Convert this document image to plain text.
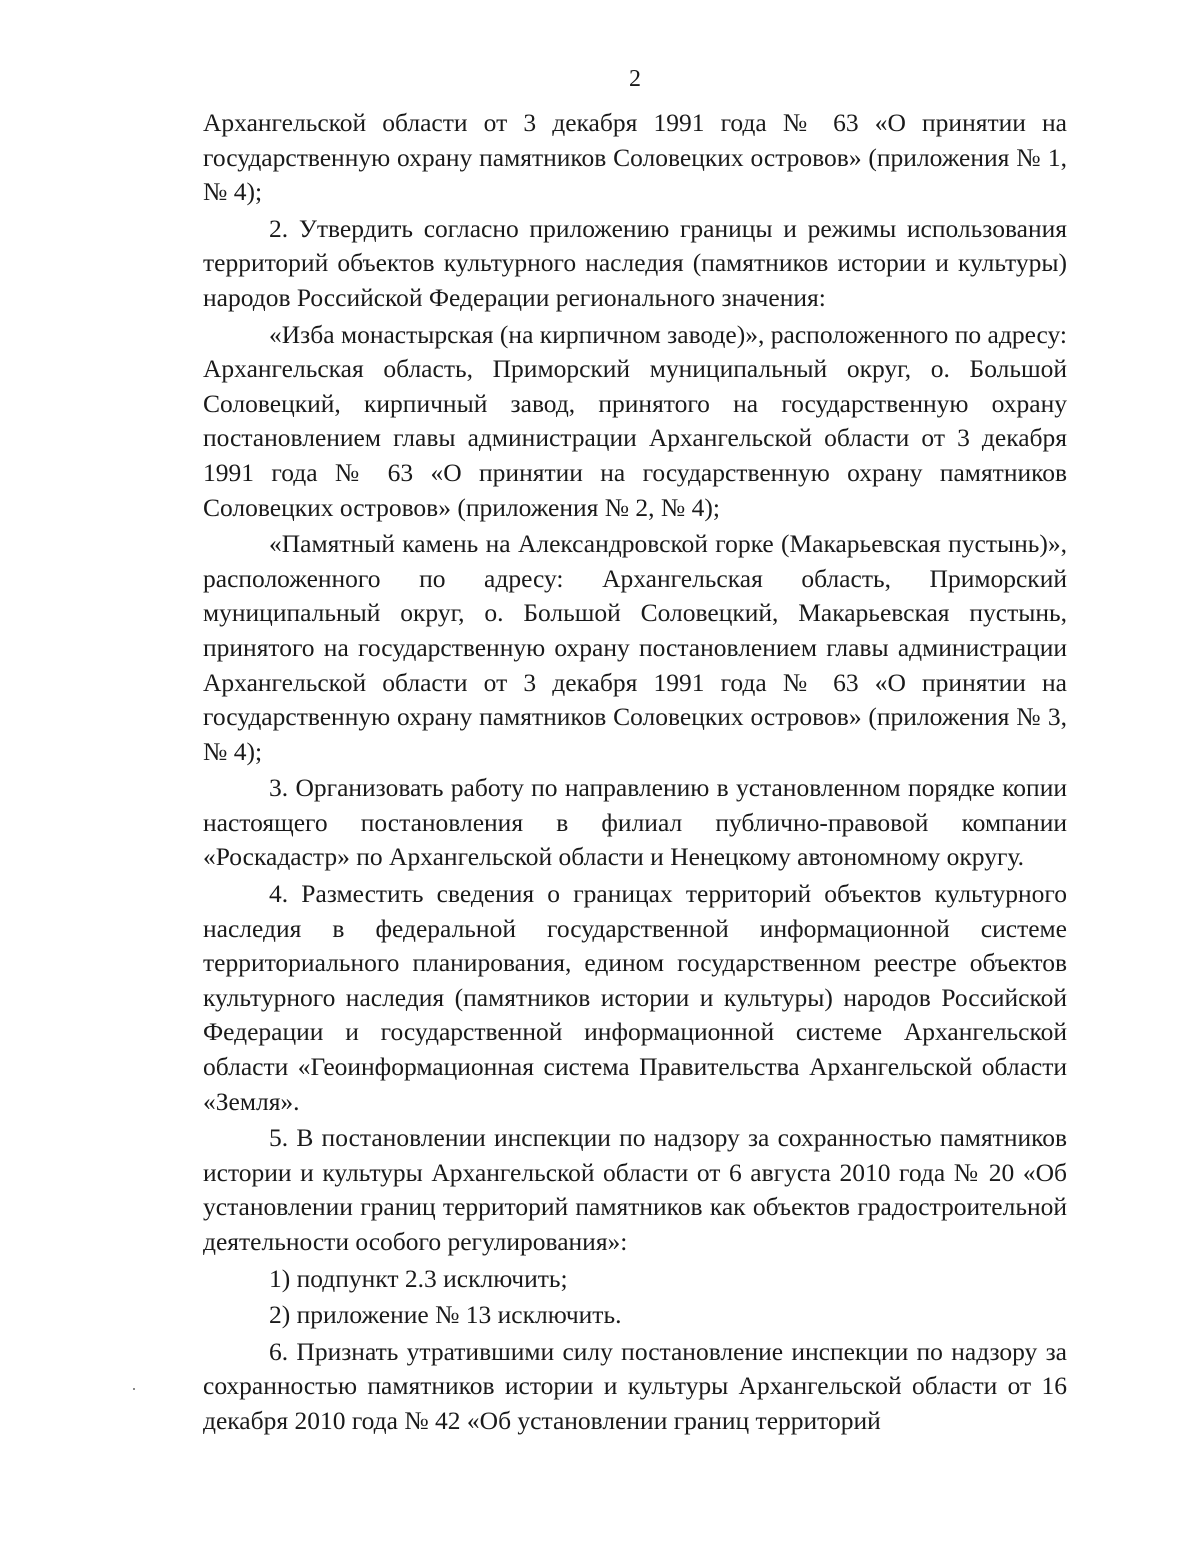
2

Архангельской области от 3 декабря 1991 года № 63 «О принятии на государственную охрану памятников Соловецких островов» (приложения № 1, № 4);

2. Утвердить согласно приложению границы и режимы использования территорий объектов культурного наследия (памятников истории и культуры) народов Российской Федерации регионального значения:

«Изба монастырская (на кирпичном заводе)», расположенного по адресу: Архангельская область, Приморский муниципальный округ, о. Большой Соловецкий, кирпичный завод, принятого на государственную охрану постановлением главы администрации Архангельской области от 3 декабря 1991 года № 63 «О принятии на государственную охрану памятников Соловецких островов» (приложения № 2, № 4);

«Памятный камень на Александровской горке (Макарьевская пустынь)», расположенного по адресу: Архангельская область, Приморский муниципальный округ, о. Большой Соловецкий, Макарьевская пустынь, принятого на государственную охрану постановлением главы администрации Архангельской области от 3 декабря 1991 года № 63 «О принятии на государственную охрану памятников Соловецких островов» (приложения № 3, № 4);

3. Организовать работу по направлению в установленном порядке копии настоящего постановления в филиал публично-правовой компании «Роскадастр» по Архангельской области и Ненецкому автономному округу.

4. Разместить сведения о границах территорий объектов культурного наследия в федеральной государственной информационной системе территориального планирования, едином государственном реестре объектов культурного наследия (памятников истории и культуры) народов Российской Федерации и государственной информационной системе Архангельской области «Геоинформационная система Правительства Архангельской области «Земля».

5. В постановлении инспекции по надзору за сохранностью памятников истории и культуры Архангельской области от 6 августа 2010 года № 20 «Об установлении границ территорий памятников как объектов градостроительной деятельности особого регулирования»:

1) подпункт 2.3 исключить;

2) приложение № 13 исключить.

6. Признать утратившими силу постановление инспекции по надзору за сохранностью памятников истории и культуры Архангельской области от 16 декабря 2010 года № 42 «Об установлении границ территорий
